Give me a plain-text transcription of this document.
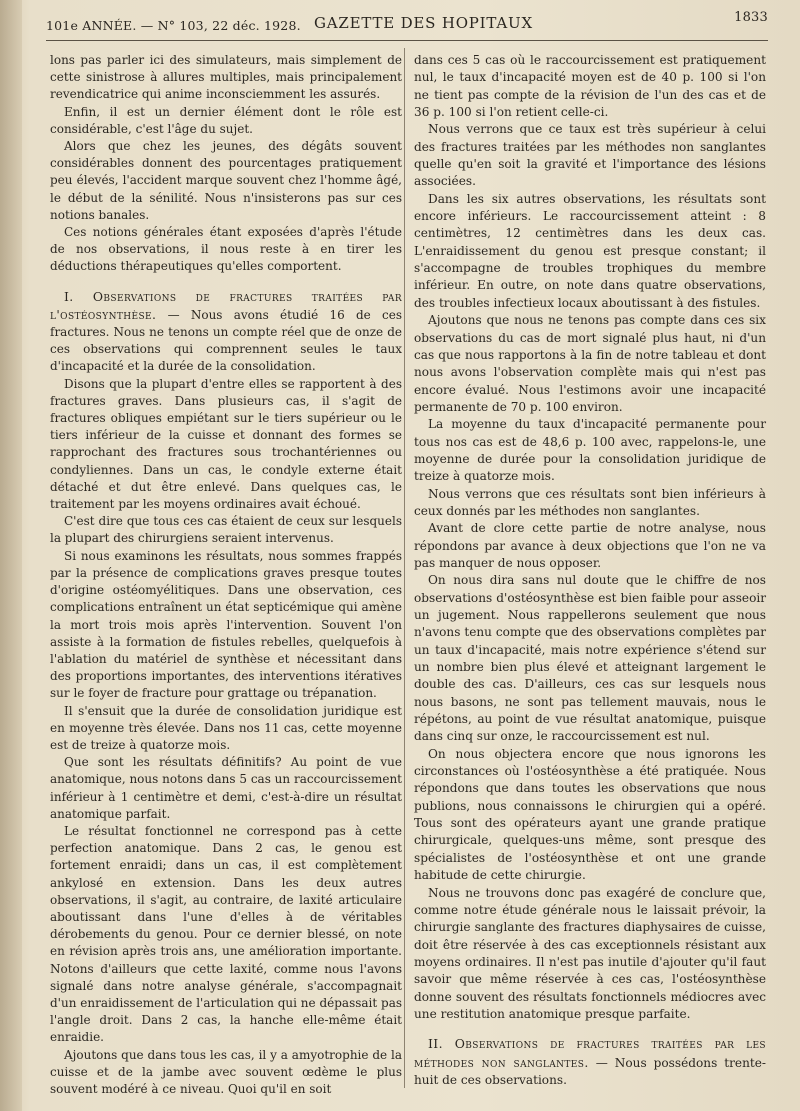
101e ANNÉE. — N° 103, 22 déc. 1928. GAZETTE DES HOPITAUX	1833

lons pas parler ici des simulateurs, mais simplement de cette sinistrose à allures multiples, mais principalement revendicatrice qui anime inconsciemment les assurés.

Enfin, il est un dernier élément dont le rôle est considérable, c'est l'âge du sujet.

Alors que chez les jeunes, des dégâts souvent considérables donnent des pourcentages pratiquement peu élevés, l'accident marque souvent chez l'homme âgé, le début de la sénilité. Nous n'insisterons pas sur ces notions banales.

Ces notions générales étant exposées d'après l'étude de nos observations, il nous reste à en tirer les déductions thérapeutiques qu'elles comportent.

I. Observations de fractures traitées par l'ostéosynthèse. — Nous avons étudié 16 de ces fractures. Nous ne tenons un compte réel que de onze de ces observations qui comprennent seules le taux d'incapacité et la durée de la consolidation.

Disons que la plupart d'entre elles se rapportent à des fractures graves. Dans plusieurs cas, il s'agit de fractures obliques empiétant sur le tiers supérieur ou le tiers inférieur de la cuisse et donnant des formes se rapprochant des fractures sous trochantériennes ou condyliennes. Dans un cas, le condyle externe était détaché et dut être enlevé. Dans quelques cas, le traitement par les moyens ordinaires avait échoué.

C'est dire que tous ces cas étaient de ceux sur lesquels la plupart des chirurgiens seraient intervenus.

Si nous examinons les résultats, nous sommes frappés par la présence de complications graves presque toutes d'origine ostéomyélitiques. Dans une observation, ces complications entraînent un état septicémique qui amène la mort trois mois après l'intervention. Souvent l'on assiste à la formation de fistules rebelles, quelquefois à l'ablation du matériel de synthèse et nécessitant dans des proportions importantes, des interventions itératives sur le foyer de fracture pour grattage ou trépanation.

Il s'ensuit que la durée de consolidation juridique est en moyenne très élevée. Dans nos 11 cas, cette moyenne est de treize à quatorze mois.

Que sont les résultats définitifs? Au point de vue anatomique, nous notons dans 5 cas un raccourcissement inférieur à 1 centimètre et demi, c'est-à-dire un résultat anatomique parfait.

Le résultat fonctionnel ne correspond pas à cette perfection anatomique. Dans 2 cas, le genou est fortement enraidi; dans un cas, il est complètement ankylosé en extension. Dans les deux autres observations, il s'agit, au contraire, de laxité articulaire aboutissant dans l'une d'elles à de véritables dérobements du genou. Pour ce dernier blessé, on note en révision après trois ans, une amélioration importante. Notons d'ailleurs que cette laxité, comme nous l'avons signalé dans notre analyse générale, s'accompagnait d'un enraidissement de l'articulation qui ne dépassait pas l'angle droit. Dans 2 cas, la hanche elle-même était enraidie.

Ajoutons que dans tous les cas, il y a amyotrophie de la cuisse et de la jambe avec souvent œdème le plus souvent modéré à ce niveau. Quoi qu'il en soit

dans ces 5 cas où le raccourcissement est pratiquement nul, le taux d'incapacité moyen est de 40 p. 100 si l'on ne tient pas compte de la révision de l'un des cas et de 36 p. 100 si l'on retient celle-ci.

Nous verrons que ce taux est très supérieur à celui des fractures traitées par les méthodes non sanglantes quelle qu'en soit la gravité et l'importance des lésions associées.

Dans les six autres observations, les résultats sont encore inférieurs. Le raccourcissement atteint : 8 centimètres, 12 centimètres dans les deux cas. L'enraidissement du genou est presque constant; il s'accompagne de troubles trophiques du membre inférieur. En outre, on note dans quatre observations, des troubles infectieux locaux aboutissant à des fistules.

Ajoutons que nous ne tenons pas compte dans ces six observations du cas de mort signalé plus haut, ni d'un cas que nous rapportons à la fin de notre tableau et dont nous avons l'observation complète mais qui n'est pas encore évalué. Nous l'estimons avoir une incapacité permanente de 70 p. 100 environ.

La moyenne du taux d'incapacité permanente pour tous nos cas est de 48,6 p. 100 avec, rappelons-le, une moyenne de durée pour la consolidation juridique de treize à quatorze mois.

Nous verrons que ces résultats sont bien inférieurs à ceux donnés par les méthodes non sanglantes.

Avant de clore cette partie de notre analyse, nous répondons par avance à deux objections que l'on ne va pas manquer de nous opposer.

On nous dira sans nul doute que le chiffre de nos observations d'ostéosynthèse est bien faible pour asseoir un jugement. Nous rappellerons seulement que nous n'avons tenu compte que des observations complètes par un taux d'incapacité, mais notre expérience s'étend sur un nombre bien plus élevé et atteignant largement le double des cas. D'ailleurs, ces cas sur lesquels nous nous basons, ne sont pas tellement mauvais, nous le répétons, au point de vue résultat anatomique, puisque dans cinq sur onze, le raccourcissement est nul.

On nous objectera encore que nous ignorons les circonstances où l'ostéosynthèse a été pratiquée. Nous répondons que dans toutes les observations que nous publions, nous connaissons le chirurgien qui a opéré. Tous sont des opérateurs ayant une grande pratique chirurgicale, quelques-uns même, sont presque des spécialistes de l'ostéosynthèse et ont une grande habitude de cette chirurgie.

Nous ne trouvons donc pas exagéré de conclure que, comme notre étude générale nous le laissait prévoir, la chirurgie sanglante des fractures diaphysaires de cuisse, doit être réservée à des cas exceptionnels résistant aux moyens ordinaires. Il n'est pas inutile d'ajouter qu'il faut savoir que même réservée à ces cas, l'ostéosynthèse donne souvent des résultats fonctionnels médiocres avec une restitution anatomique presque parfaite.

II. Observations de fractures traitées par les méthodes non sanglantes. — Nous possédons trente-huit de ces observations.
